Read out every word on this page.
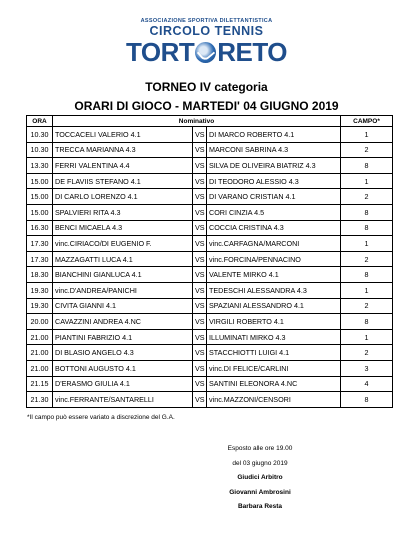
ASSOCIAZIONE SPORTIVA DILETTANTISTICA
CIRCOLO TENNIS
TORT RETO
TORNEO IV categoria
ORARI DI GIOCO - MARTEDI' 04 GIUGNO 2019
ORA	Nominativo			CAMPO*
10.30	TOCCACELI VALERIO 4.1	VS	DI MARCO ROBERTO 4.1	1
10.30	TRECCA MARIANNA 4.3	VS	MARCONI SABRINA 4.3	2
13.30	FERRI VALENTINA 4.4	VS	SILVA DE OLIVEIRA BIATRIZ 4.3	8
15.00	DE FLAVIIS STEFANO 4.1	VS	DI TEODORO ALESSIO 4.3	1
15.00	DI CARLO LORENZO 4.1	VS	DI VARANO CRISTIAN 4.1	2
15.00	SPALVIERI RITA 4.3	VS	CORI CINZIA 4.5	8
16.30	BENCI MICAELA 4.3	VS	COCCIA CRISTINA 4.3	8
17.30	vinc.CIRIACO/DI EUGENIO F.	VS	vinc.CARFAGNA/MARCONI	1
17.30	MAZZAGATTI LUCA 4.1	VS	vinc.FORCINA/PENNACINO	2
18.30	BIANCHINI GIANLUCA 4.1	VS	VALENTE MIRKO 4.1	8
19.30	vinc.D'ANDREA/PANICHI	VS	TEDESCHI ALESSANDRA 4.3	1
19.30	CIVITA GIANNI 4.1	VS	SPAZIANI ALESSANDRO 4.1	2
20.00	CAVAZZINI ANDREA 4.NC	VS	VIRGILI ROBERTO 4.1	8
21.00	PIANTINI FABRIZIO 4.1	VS	ILLUMINATI MIRKO 4.3	1
21.00	DI BLASIO ANGELO 4.3	VS	STACCHIOTTI LUIGI 4.1	2
21.00	BOTTONI AUGUSTO 4.1	VS	vinc.DI FELICE/CARLINI	3
21.15	D'ERASMO GIULIA 4.1	VS	SANTINI ELEONORA 4.NC	4
21.30	vinc.FERRANTE/SANTARELLI	VS	vinc.MAZZONI/CENSORI	8
*Il campo può essere variato a discrezione del G.A.
Esposto alle ore 19.00
del 03 giugno 2019
Giudici Arbitro
Giovanni Ambrosini
Barbara Resta
